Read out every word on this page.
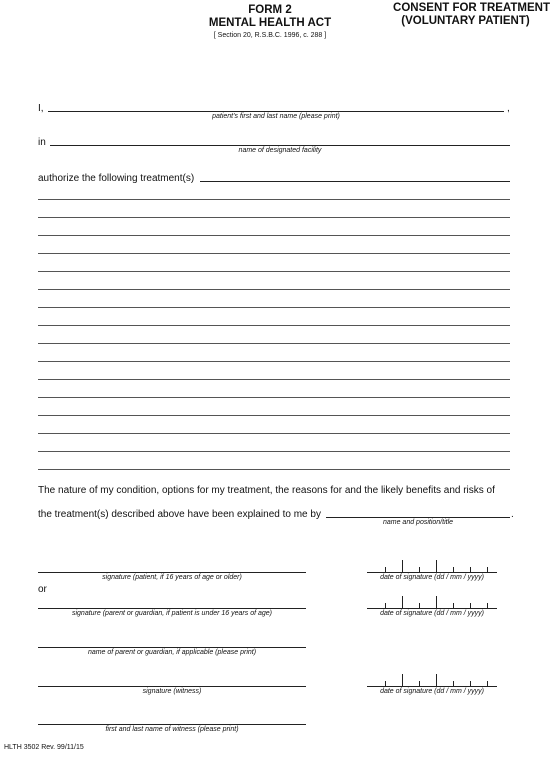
FORM 2
MENTAL HEALTH ACT
[ Section 20, R.S.B.C. 1996, c. 288 ]
CONSENT FOR TREATMENT
(VOLUNTARY PATIENT)
I,	,
patient's first and last name (please print)
in
name of designated facility
authorize the following treatment(s)
The nature of my condition, options for my treatment, the reasons for and the likely benefits and risks of
the treatment(s) described above have been explained to me by	.
name and position/title
signature (patient, if 16 years of age or older)	date of signature (dd / mm / yyyy)
or
signature (parent or guardian, if patient is under 16 years of age)	date of signature (dd / mm / yyyy)
name of parent or guardian, if applicable (please print)
signature (witness)	date of signature (dd / mm / yyyy)
first and last name of witness (please print)
HLTH 3502 Rev. 99/11/15
